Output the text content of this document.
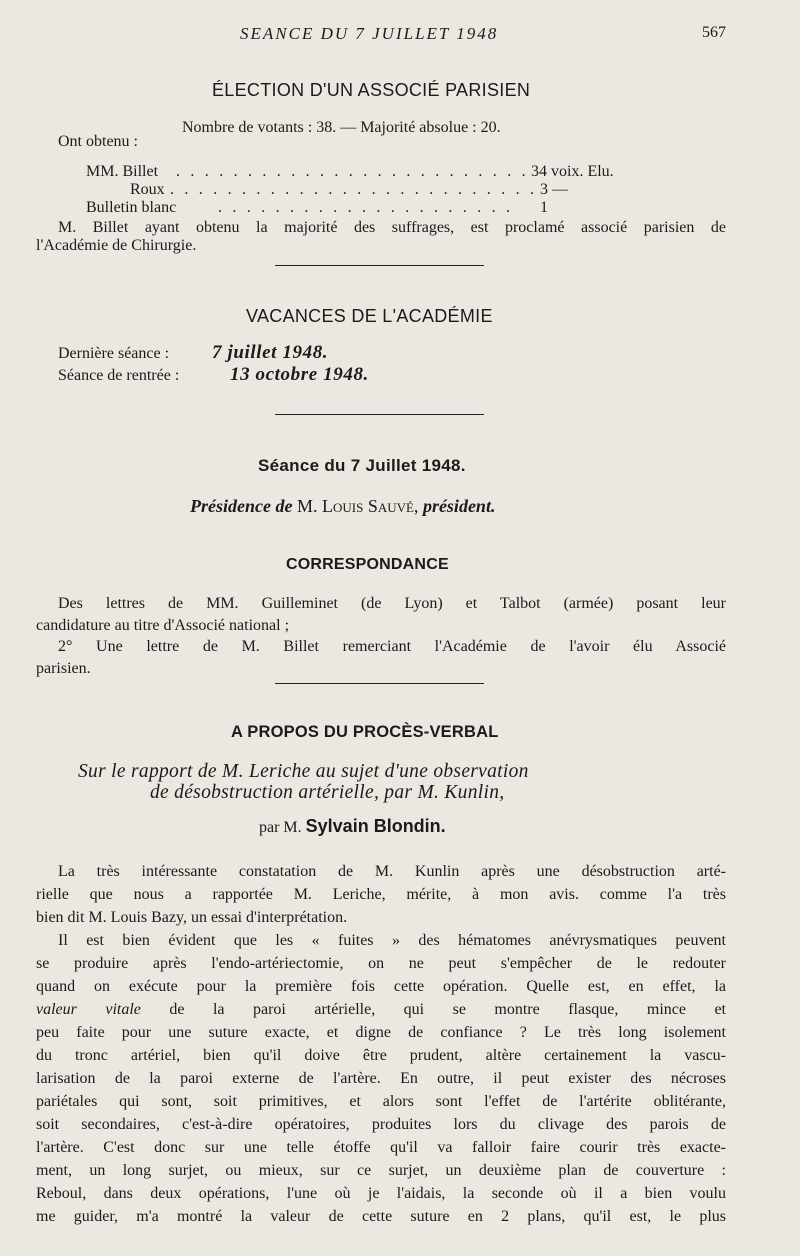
SEANCE DU 7 JUILLET 1948	567
ÉLECTION D'UN ASSOCIÉ PARISIEN
Nombre de votants : 38. — Majorité absolue : 20.
Ont obtenu :
MM. Billet . . . . . . . . . . . . . . . . . . . . . . . . . 34 voix. Elu.
Roux . . . . . . . . . . . . . . . . . . . . . . . . . . 3 —
Bulletin blanc	. . . . . . . . . . . . . . . . . . . . . 1
M. Billet ayant obtenu la majorité des suffrages, est proclamé associé parisien de
l'Académie de Chirurgie.
VACANCES DE L'ACADÉMIE
Dernière séance : 7 juillet 1948.
Séance de rentrée :	13 octobre 1948.
Séance du 7 Juillet 1948.
Présidence de M. Louis Sauvé, président.
CORRESPONDANCE
Des lettres de MM. Guilleminet (de Lyon) et Talbot (armée) posant leur
candidature au titre d'Associé national ;
2° Une lettre de M. Billet remerciant l'Académie de l'avoir élu Associé
parisien.
A PROPOS DU PROCÈS-VERBAL
Sur le rapport de M. Leriche au sujet d'une observation
de désobstruction artérielle, par M. Kunlin,
par M. Sylvain Blondin.
La très intéressante constatation de M. Kunlin après une désobstruction arté-
rielle que nous a rapportée M. Leriche, mérite, à mon avis. comme l'a très
bien dit M. Louis Bazy, un essai d'interprétation.
Il est bien évident que les « fuites » des hématomes anévrysmatiques peuvent
se produire après l'endo-artériectomie, on ne peut s'empêcher de le redouter
quand on exécute pour la première fois cette opération. Quelle est, en effet, la
valeur vitale de la paroi artérielle, qui se montre flasque, mince et
peu faite pour une suture exacte, et digne de confiance ? Le très long isolement
du tronc artériel, bien qu'il doive être prudent, altère certainement la vascu-
larisation de la paroi externe de l'artère. En outre, il peut exister des nécroses
pariétales qui sont, soit primitives, et alors sont l'effet de l'artérite oblitérante,
soit secondaires, c'est-à-dire opératoires, produites lors du clivage des parois de
l'artère. C'est donc sur une telle étoffe qu'il va falloir faire courir très exacte-
ment, un long surjet, ou mieux, sur ce surjet, un deuxième plan de couverture :
Reboul, dans deux opérations, l'une où je l'aidais, la seconde où il a bien voulu
me guider, m'a montré la valeur de cette suture en 2 plans, qu'il est, le plus
